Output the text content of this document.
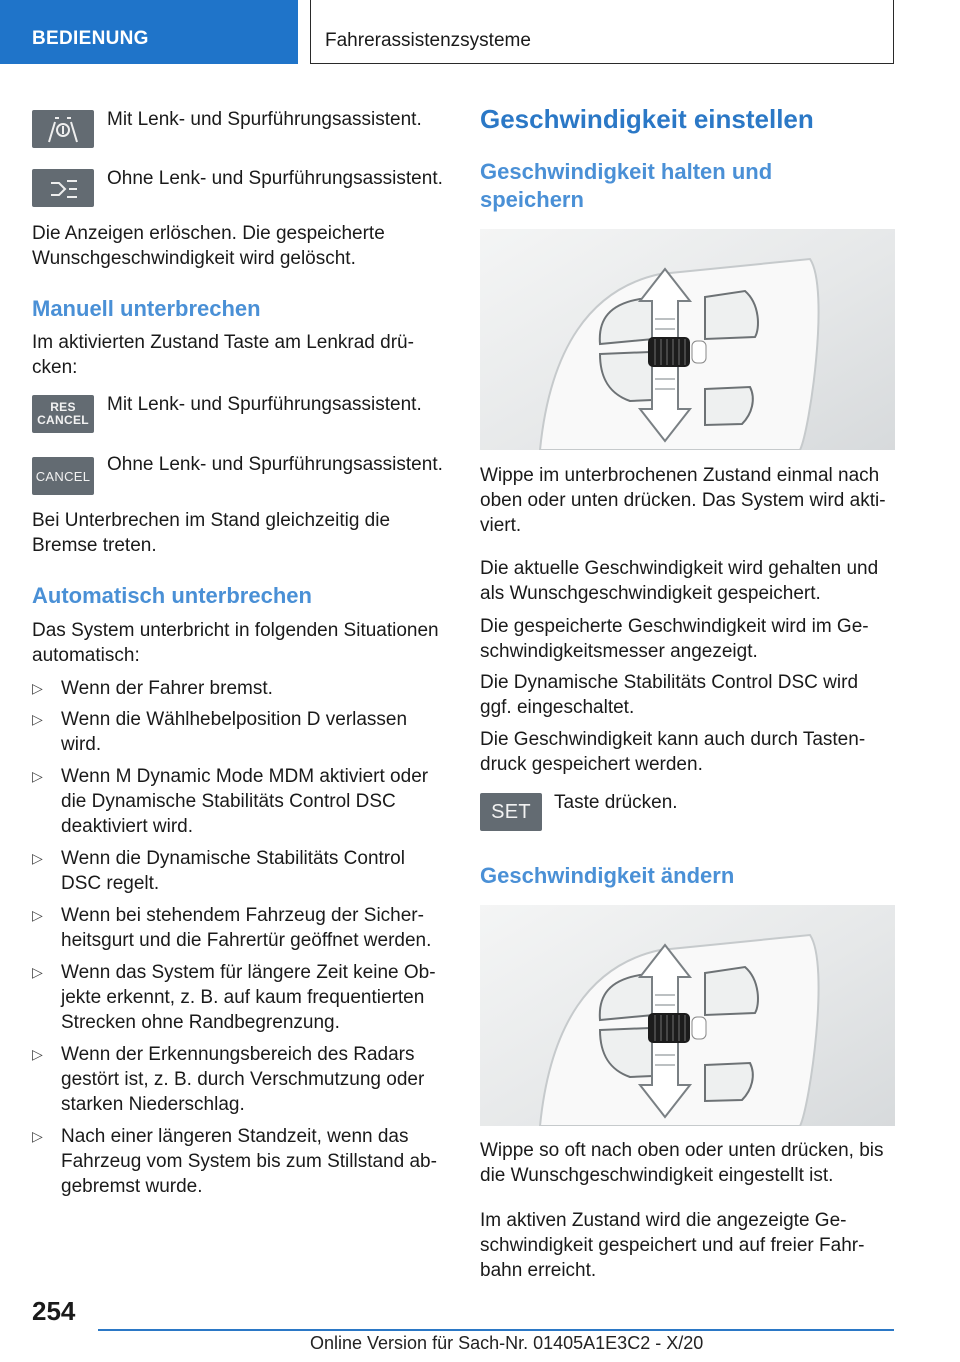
BEDIENUNG	Fahrerassistenzsysteme

Mit Lenk- und Spurführungsassistent.

Ohne Lenk- und Spurführungsassistent.

Die Anzeigen erlöschen. Die gespeicherte
Wunschgeschwindigkeit wird gelöscht.

Manuell unterbrechen

Im aktivierten Zustand Taste am Lenkrad drü-
cken:

RES
CANCEL

Mit Lenk- und Spurführungsassistent.

CANCEL

Ohne Lenk- und Spurführungsassistent.

Bei Unterbrechen im Stand gleichzeitig die
Bremse treten.

Automatisch unterbrechen

Das System unterbricht in folgenden Situationen
automatisch:

▷ Wenn der Fahrer bremst.
▷ Wenn die Wählhebelposition D verlassen
wird.
▷ Wenn M Dynamic Mode MDM aktiviert oder
die Dynamische Stabilitäts Control DSC
deaktiviert wird.
▷ Wenn die Dynamische Stabilitäts Control
DSC regelt.
▷ Wenn bei stehendem Fahrzeug der Sicher-
heitsgurt und die Fahrertür geöffnet werden.
▷ Wenn das System für längere Zeit keine Ob-
jekte erkennt, z. B. auf kaum frequentierten
Strecken ohne Randbegrenzung.
▷ Wenn der Erkennungsbereich des Radars
gestört ist, z. B. durch Verschmutzung oder
starken Niederschlag.
▷ Nach einer längeren Standzeit, wenn das
Fahrzeug vom System bis zum Stillstand ab-
gebremst wurde.
Geschwindigkeit einstellen
Geschwindigkeit halten und
speichern

Wippe im unterbrochenen Zustand einmal nach
oben oder unten drücken. Das System wird akti-
viert.

Die aktuelle Geschwindigkeit wird gehalten und
als Wunschgeschwindigkeit gespeichert.

Die gespeicherte Geschwindigkeit wird im Ge-
schwindigkeitsmesser angezeigt.

Die Dynamische Stabilitäts Control DSC wird
ggf. eingeschaltet.

Die Geschwindigkeit kann auch durch Tasten-
druck gespeichert werden.

SET Taste drücken.

Geschwindigkeit ändern

Wippe so oft nach oben oder unten drücken, bis
die Wunschgeschwindigkeit eingestellt ist.

Im aktiven Zustand wird die angezeigte Ge-
schwindigkeit gespeichert und auf freier Fahr-
bahn erreicht.

254
Online Version für Sach-Nr. 01405A1E3C2 - X/20
